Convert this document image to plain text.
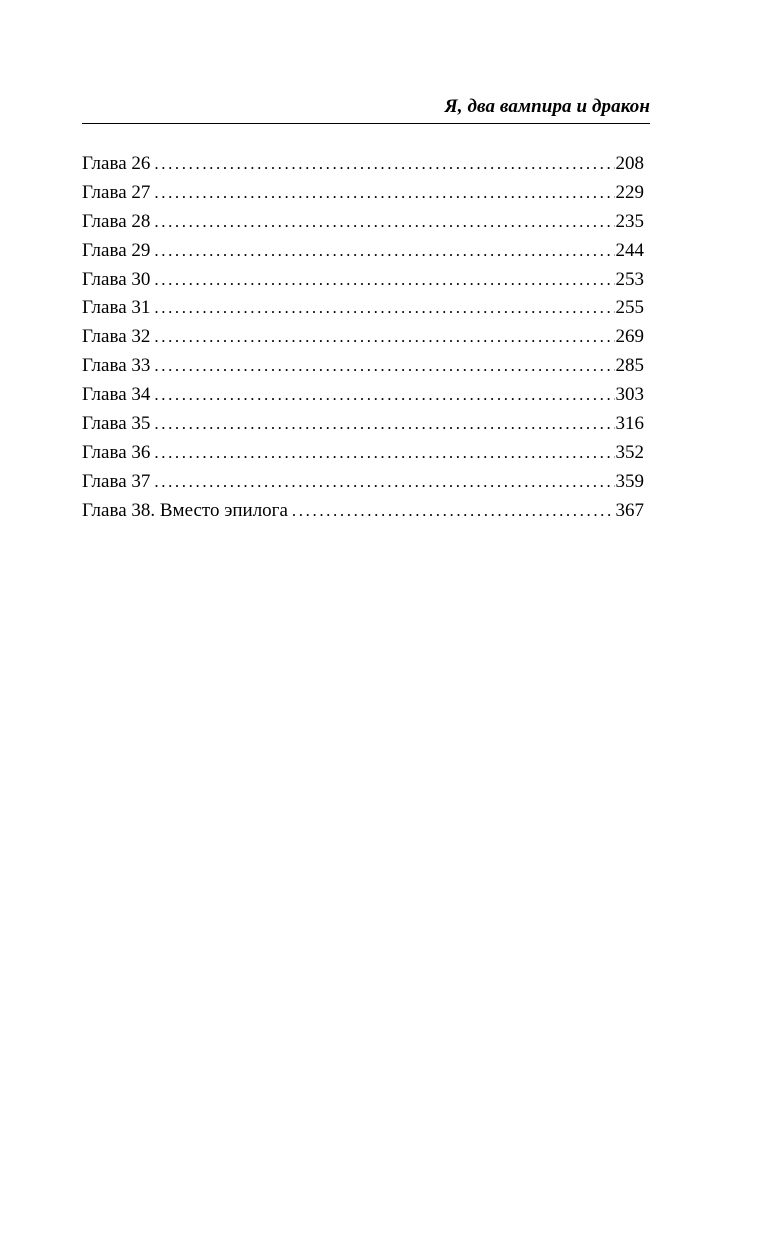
Я, два вампира и дракон
Глава 26 .....	208
Глава 27 .....	229
Глава 28 .....	235
Глава 29 .....	244
Глава 30 .....	253
Глава 31 .....	255
Глава 32 .....	269
Глава 33 .....	285
Глава 34 .....	303
Глава 35 .....	316
Глава 36 .....	352
Глава 37 .....	359
Глава 38. Вместо эпилога .....	367
